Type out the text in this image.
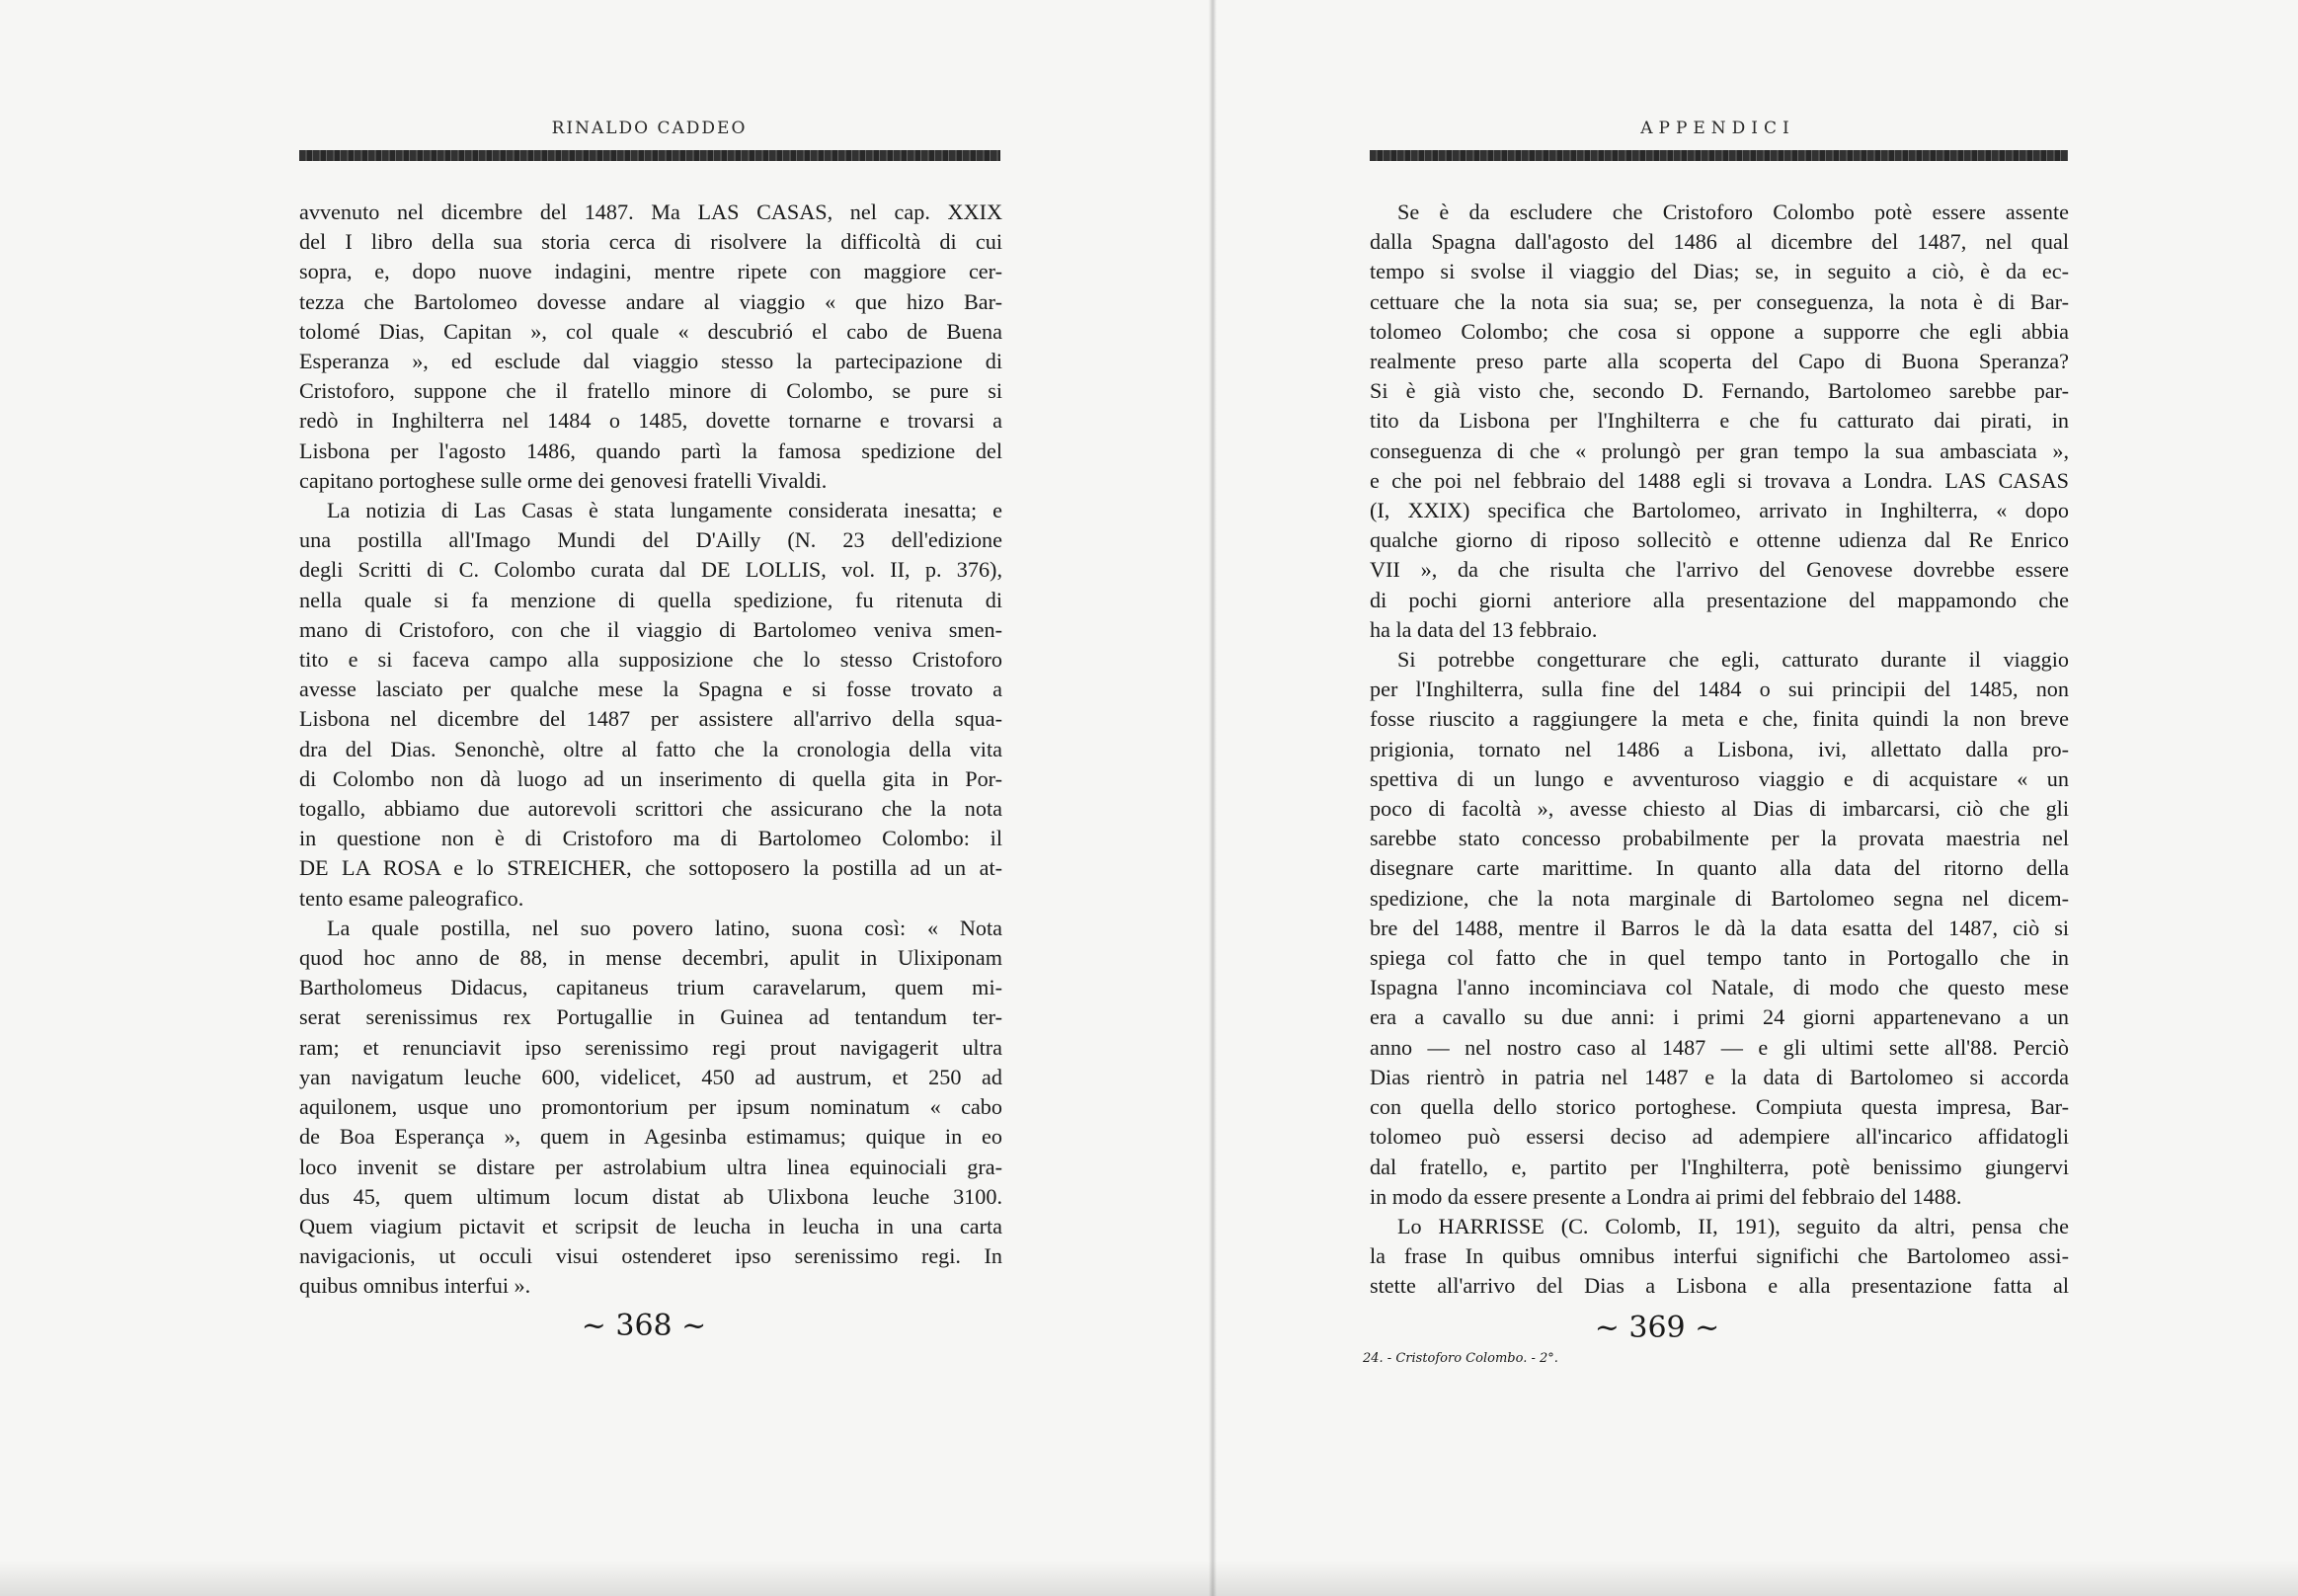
RINALDO CADDEO
avvenuto nel dicembre del 1487. Ma LAS CASAS, nel cap. XXIX
del I libro della sua storia cerca di risolvere la difficoltà di cui
sopra, e, dopo nuove indagini, mentre ripete con maggiore cer-
tezza che Bartolomeo dovesse andare al viaggio « que hizo Bar-
tolomé Dias, Capitan », col quale « descubrió el cabo de Buena
Esperanza », ed esclude dal viaggio stesso la partecipazione di
Cristoforo, suppone che il fratello minore di Colombo, se pure si
redò in Inghilterra nel 1484 o 1485, dovette tornarne e trovarsi a
Lisbona per l'agosto 1486, quando partì la famosa spedizione del
capitano portoghese sulle orme dei genovesi fratelli Vivaldi.
La notizia di Las Casas è stata lungamente considerata inesatta; e
una postilla all'Imago Mundi del D'Ailly (N. 23 dell'edizione
degli Scritti di C. Colombo curata dal DE LOLLIS, vol. II, p. 376),
nella quale si fa menzione di quella spedizione, fu ritenuta di
mano di Cristoforo, con che il viaggio di Bartolomeo veniva smen-
tito e si faceva campo alla supposizione che lo stesso Cristoforo
avesse lasciato per qualche mese la Spagna e si fosse trovato a
Lisbona nel dicembre del 1487 per assistere all'arrivo della squa-
dra del Dias. Senonchè, oltre al fatto che la cronologia della vita
di Colombo non dà luogo ad un inserimento di quella gita in Por-
togallo, abbiamo due autorevoli scrittori che assicurano che la nota
in questione non è di Cristoforo ma di Bartolomeo Colombo: il
DE LA ROSA e lo STREICHER, che sottoposero la postilla ad un at-
tento esame paleografico.
La quale postilla, nel suo povero latino, suona così: « Nota
quod hoc anno de 88, in mense decembri, apulit in Ulixiponam
Bartholomeus Didacus, capitaneus trium caravelarum, quem mi-
serat serenissimus rex Portugallie in Guinea ad tentandum ter-
ram; et renunciavit ipso serenissimo regi prout navigagerit ultra
yan navigatum leuche 600, videlicet, 450 ad austrum, et 250 ad
aquilonem, usque uno promontorium per ipsum nominatum « cabo
de Boa Esperança », quem in Agesinba estimamus; quique in eo
loco invenit se distare per astrolabium ultra linea equinociali gra-
dus 45, quem ultimum locum distat ab Ulixbona leuche 3100.
Quem viagium pictavit et scripsit de leucha in leucha in una carta
navigacionis, ut occuli visui ostenderet ipso serenissimo regi. In
quibus omnibus interfui ».
~ 368 ~
APPENDICI
Se è da escludere che Cristoforo Colombo potè essere assente
dalla Spagna dall'agosto del 1486 al dicembre del 1487, nel qual
tempo si svolse il viaggio del Dias; se, in seguito a ciò, è da ec-
cettuare che la nota sia sua; se, per conseguenza, la nota è di Bar-
tolomeo Colombo; che cosa si oppone a supporre che egli abbia
realmente preso parte alla scoperta del Capo di Buona Speranza?
Si è già visto che, secondo D. Fernando, Bartolomeo sarebbe par-
tito da Lisbona per l'Inghilterra e che fu catturato dai pirati, in
conseguenza di che « prolungò per gran tempo la sua ambasciata »,
e che poi nel febbraio del 1488 egli si trovava a Londra. LAS CASAS
(I, XXIX) specifica che Bartolomeo, arrivato in Inghilterra, « dopo
qualche giorno di riposo sollecitò e ottenne udienza dal Re Enrico
VII », da che risulta che l'arrivo del Genovese dovrebbe essere
di pochi giorni anteriore alla presentazione del mappamondo che
ha la data del 13 febbraio.
Si potrebbe congetturare che egli, catturato durante il viaggio
per l'Inghilterra, sulla fine del 1484 o sui principii del 1485, non
fosse riuscito a raggiungere la meta e che, finita quindi la non breve
prigionia, tornato nel 1486 a Lisbona, ivi, allettato dalla pro-
spettiva di un lungo e avventuroso viaggio e di acquistare « un
poco di facoltà », avesse chiesto al Dias di imbarcarsi, ciò che gli
sarebbe stato concesso probabilmente per la provata maestria nel
disegnare carte marittime. In quanto alla data del ritorno della
spedizione, che la nota marginale di Bartolomeo segna nel dicem-
bre del 1488, mentre il Barros le dà la data esatta del 1487, ciò si
spiega col fatto che in quel tempo tanto in Portogallo che in
Ispagna l'anno incominciava col Natale, di modo che questo mese
era a cavallo su due anni: i primi 24 giorni appartenevano a un
anno — nel nostro caso al 1487 — e gli ultimi sette all'88. Perciò
Dias rientrò in patria nel 1487 e la data di Bartolomeo si accorda
con quella dello storico portoghese. Compiuta questa impresa, Bar-
tolomeo può essersi deciso ad adempiere all'incarico affidatogli
dal fratello, e, partito per l'Inghilterra, potè benissimo giungervi
in modo da essere presente a Londra ai primi del febbraio del 1488.
Lo HARRISSE (C. Colomb, II, 191), seguito da altri, pensa che
la frase In quibus omnibus interfui significhi che Bartolomeo assi-
stette all'arrivo del Dias a Lisbona e alla presentazione fatta al
~ 369 ~
24. - Cristoforo Colombo. - 2°.
